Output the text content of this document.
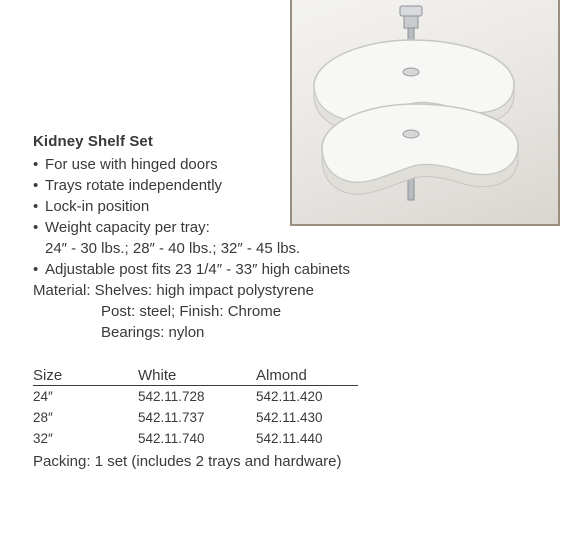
Kidney Shelf Set
• For use with hinged doors
• Trays rotate independently
• Lock-in position
• Weight capacity per tray:
24″ - 30 lbs.; 28″ - 40 lbs.; 32″ - 45 lbs.
• Adjustable post fits 23 1/4″ - 33″ high cabinets
Material: Shelves: high impact polystyrene
Post: steel; Finish: Chrome
Bearings: nylon
Size	White	Almond
24″	542.11.728	542.11.420
28″	542.11.737	542.11.430
32″	542.11.740	542.11.440
Packing: 1 set (includes 2 trays and hardware)
